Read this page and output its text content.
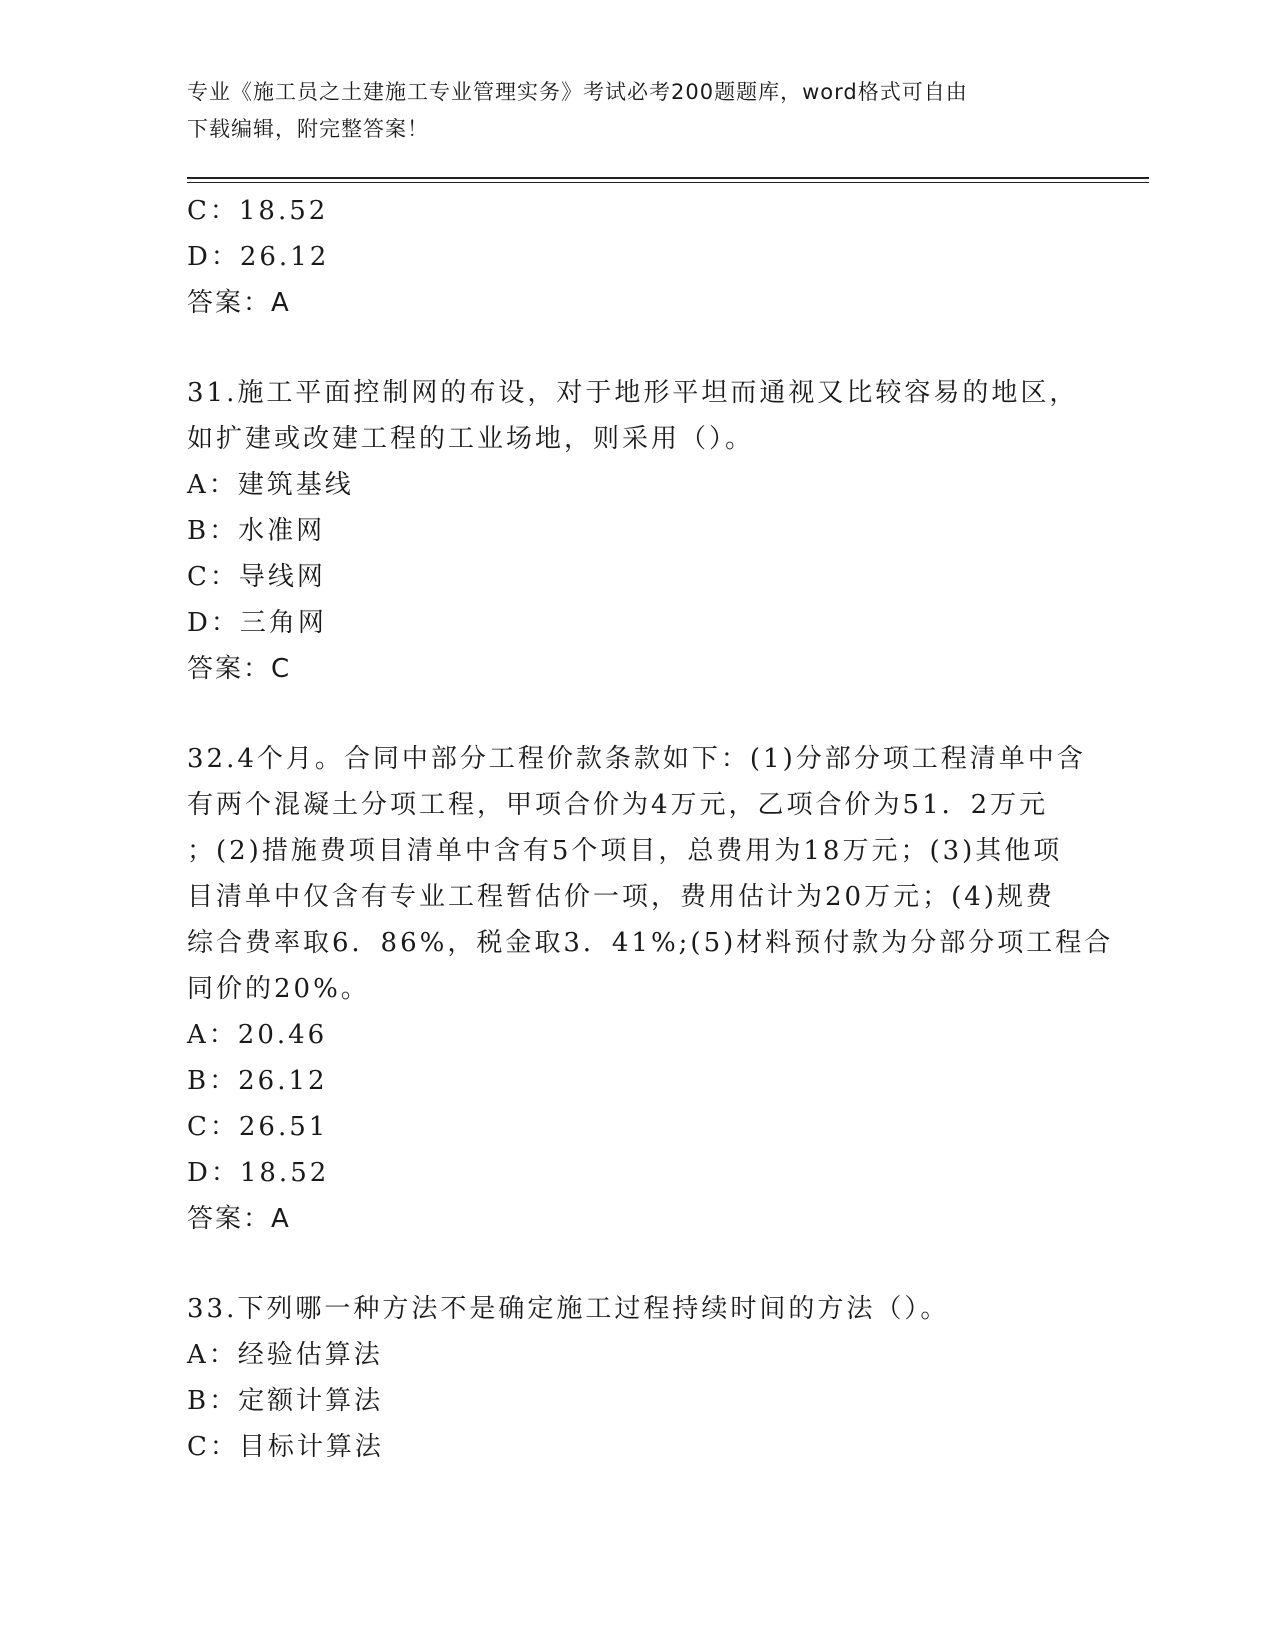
专业《施工员之土建施工专业管理实务》考试必考200题题库，word格式可自由
下载编辑，附完整答案！
C：18.52
D：26.12
答案：A
31.施工平面控制网的布设，对于地形平坦而通视又比较容易的地区，
如扩建或改建工程的工业场地，则采用（）。
A：建筑基线
B：水准网
C：导线网
D：三角网
答案：C
32.4个月。合同中部分工程价款条款如下：(1)分部分项工程清单中含
有两个混凝土分项工程，甲项合价为4万元，乙项合价为51．2万元
；(2)措施费项目清单中含有5个项目，总费用为18万元；(3)其他项
目清单中仅含有专业工程暂估价一项，费用估计为20万元；(4)规费
综合费率取6．86%，税金取3．41%;(5)材料预付款为分部分项工程合
同价的20%。
A：20.46
B：26.12
C：26.51
D：18.52
答案：A
33.下列哪一种方法不是确定施工过程持续时间的方法（）。
A：经验估算法
B：定额计算法
C：目标计算法
